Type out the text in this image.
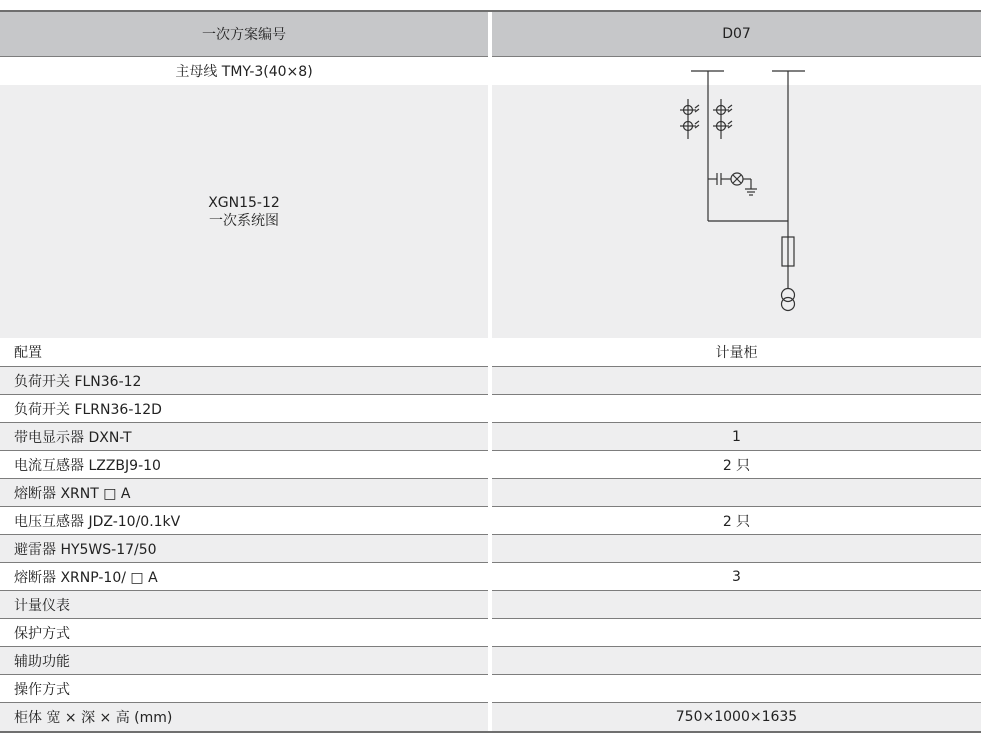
一次方案编号	D07
主母线 TMY-3(40×8)
XGN15-12
一次系统图
配置	计量柜
负荷开关 FLN36-12
负荷开关 FLRN36-12D
带电显示器 DXN-T	1
电流互感器 LZZBJ9-10	2 只
熔断器 XRNT □ A
电压互感器 JDZ-10/0.1kV	2 只
避雷器 HY5WS-17/50
熔断器 XRNP-10/ □ A	3
计量仪表
保护方式
辅助功能
操作方式
柜体 宽 × 深 × 高 (mm)	750×1000×1635
